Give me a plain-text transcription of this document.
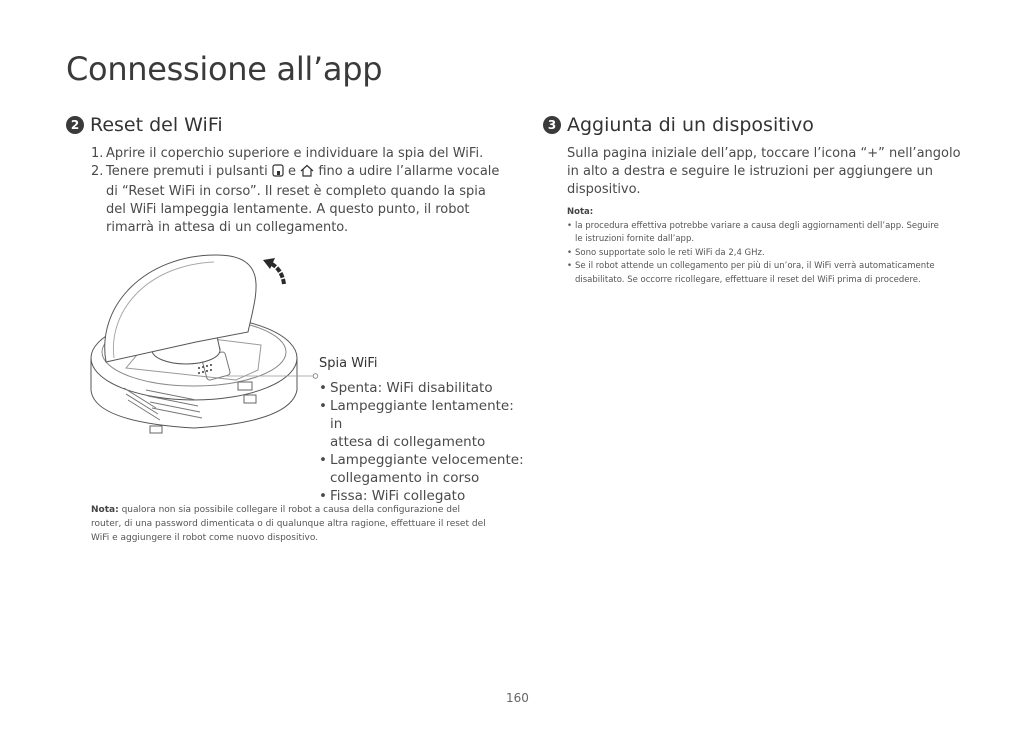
Connessione all’app
2 Reset del WiFi
1. Aprire il coperchio superiore e individuare la spia del WiFi.
2. Tenere premuti i pulsanti e fino a udire l’allarme vocale
di “Reset WiFi in corso”. Il reset è completo quando la spia
del WiFi lampeggia lentamente. A questo punto, il robot
rimarrà in attesa di un collegamento.
Spia WiFi
• Spenta: WiFi disabilitato
• Lampeggiante lentamente: in
attesa di collegamento
• Lampeggiante velocemente:
collegamento in corso
• Fissa: WiFi collegato
Nota: qualora non sia possibile collegare il robot a causa della configurazione del
router, di una password dimenticata o di qualunque altra ragione, effettuare il reset del
WiFi e aggiungere il robot come nuovo dispositivo.
3 Aggiunta di un dispositivo
Sulla pagina iniziale dell’app, toccare l’icona “+” nell’angolo
in alto a destra e seguire le istruzioni per aggiungere un
dispositivo.
Nota:
• la procedura effettiva potrebbe variare a causa degli aggiornamenti dell’app. Seguire
le istruzioni fornite dall’app.
• Sono supportate solo le reti WiFi da 2,4 GHz.
• Se il robot attende un collegamento per più di un’ora, il WiFi verrà automaticamente
disabilitato. Se occorre ricollegare, effettuare il reset del WiFi prima di procedere.
160
